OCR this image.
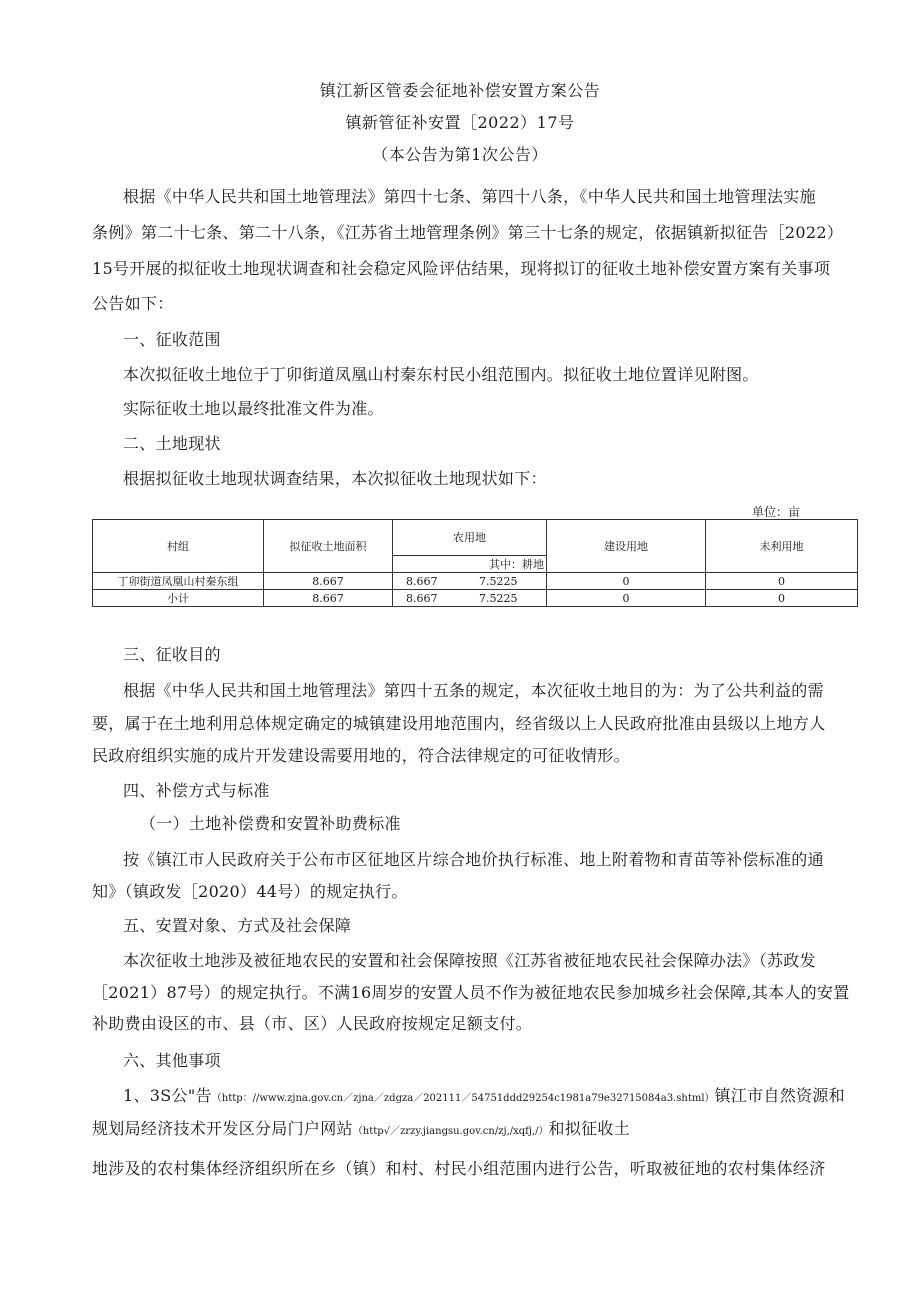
镇江新区管委会征地补偿安置方案公告
镇新管征补安置［2022）17号
（本公告为第1次公告）
根据《中华人民共和国土地管理法》第四十七条、第四十八条，《中华人民共和国土地管理法实施
条例》第二十七条、第二十八条，《江苏省土地管理条例》第三十七条的规定，依据镇新拟征告［2022）
15号开展的拟征收土地现状调查和社会稳定风险评估结果，现将拟订的征收土地补偿安置方案有关事项
公告如下：
一、征收范围
本次拟征收土地位于丁卯街道凤凰山村秦东村民小组范围内。拟征收土地位置详见附图。
实际征收土地以最终批准文件为准。
二、土地现状
根据拟征收土地现状调查结果，本次拟征收土地现状如下：
单位：亩
村组	拟征收土地面积	农用地		建设用地	未利用地
		其中：耕地			
丁卯街道凤凰山村秦东组	8.667	8.667	7.5225	0	0
小计	8.667	8.667	7.5225	0	0
三、征收目的
根据《中华人民共和国土地管理法》第四十五条的规定，本次征收土地目的为：为了公共利益的需
要，属于在土地利用总体规定确定的城镇建设用地范围内，经省级以上人民政府批准由县级以上地方人
民政府组织实施的成片开发建设需要用地的，符合法律规定的可征收情形。
四、补偿方式与标准
（一）土地补偿费和安置补助费标准
按《镇江市人民政府关于公布市区征地区片综合地价执行标准、地上附着物和青苗等补偿标准的通
知》（镇政发［2020）44号）的规定执行。
五、安置对象、方式及社会保障
本次征收土地涉及被征地农民的安置和社会保障按照《江苏省被征地农民社会保障办法》（苏政发
［2021）87号）的规定执行。不满16周岁的安置人员不作为被征地农民参加城乡社会保障,其本人的安置
补助费由设区的市、县（市、区）人民政府按规定足额支付。
六、其他事项
1、3S公"告（http：//www.zjna.gov.cn／zjna／zdgza／202111／54751ddd29254c1981a79e32715084a3.shtml）镇江市自然资源和
规划局经济技术开发区分局门户网站（http√／zrzy.jiangsu.gov.cn/zj,/xqfj,/）和拟征收土
地涉及的农村集体经济组织所在乡（镇）和村、村民小组范围内进行公告，听取被征地的农村集体经济
